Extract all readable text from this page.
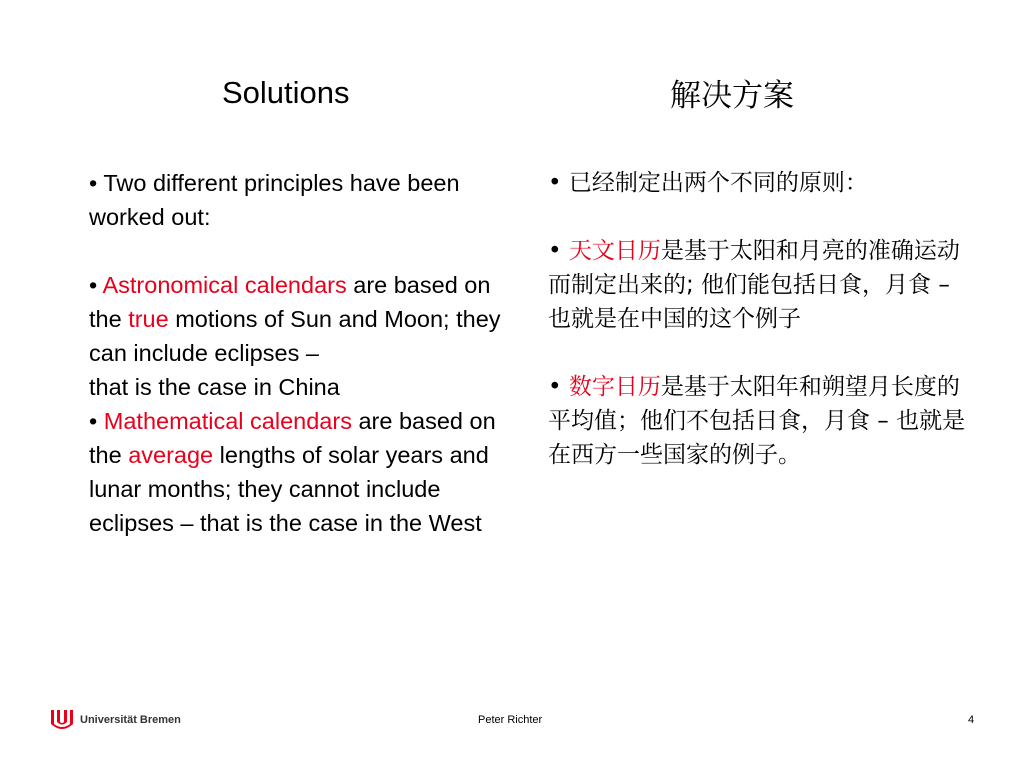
Solutions	解决方案

• Two different principles have been worked out:

• Astronomical calendars are based on the true motions of Sun and Moon; they can include eclipses –

that is the case in China

• Mathematical calendars are based on the average lengths of solar years and lunar months; they cannot include eclipses – that is the case in the West

• 已经制定出两个不同的原则：

• 天文日历是基于太阳和月亮的准确运动而制定出来的; 他们能包括日食，月食 – 也就是在中国的这个例子

• 数字日历是基于太阳年和朔望月长度的平均值；他们不包括日食，月食 – 也就是在西方一些国家的例子。

Universität Bremen	Peter Richter	4
